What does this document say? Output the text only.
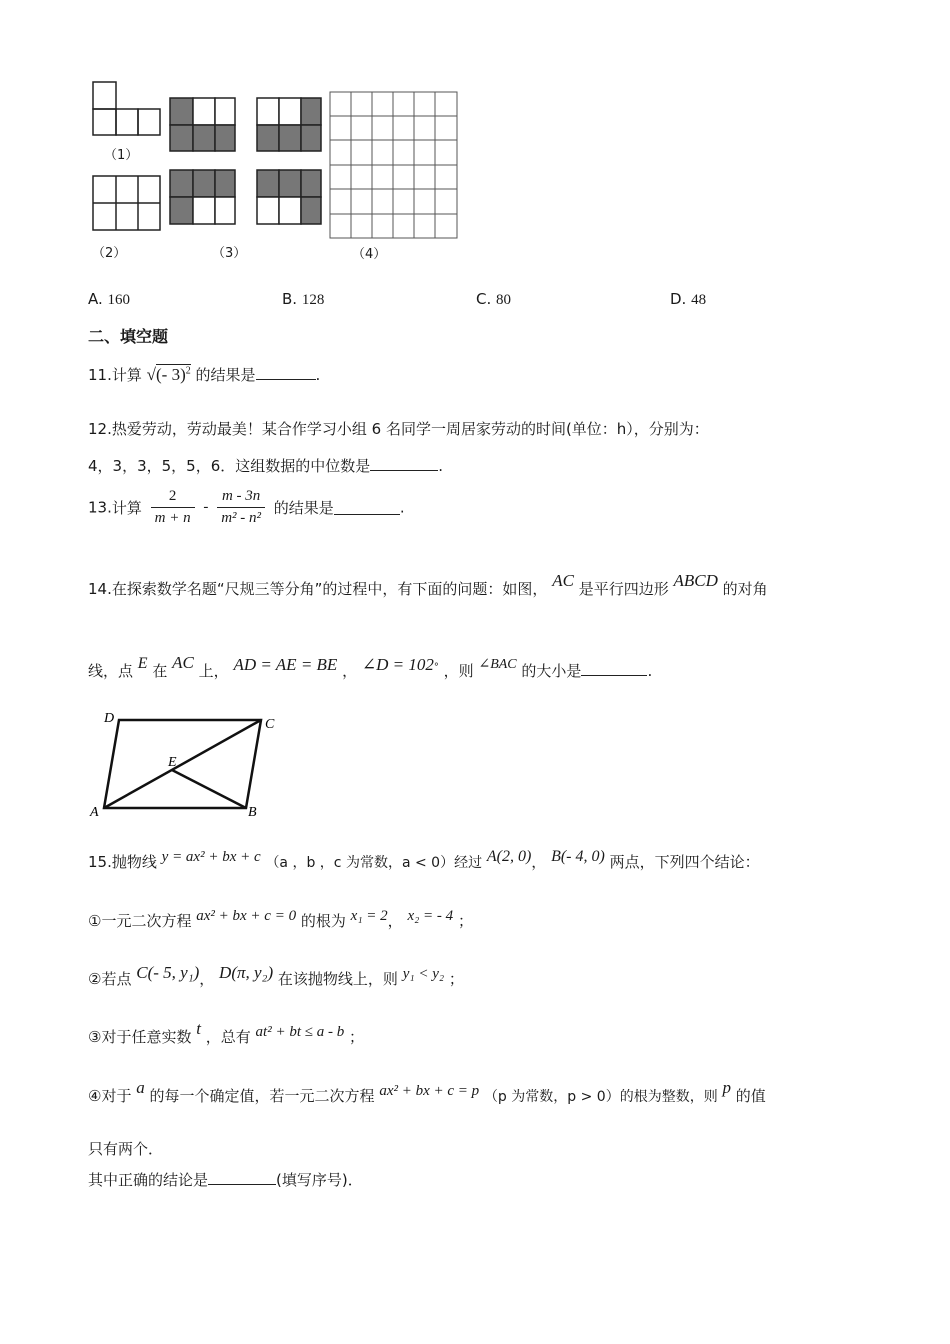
（1）
（2）	（3）	（4）
A. 160	B. 128	C. 80	D. 48
二、填空题
11.计算 √(- 3)$^2$ 的结果是	.
12.热爱劳动，劳动最美！某合作学习小组 6 名同学一周居家劳动的时间(单位：h），分别为：
4，3，3，5，5，6．这组数据的中位数是	.
13.计算 $\frac{2}{m + n} - \frac{m - 3n}{\text{m² - n²}}$ 的结果是	.
14.在探索数学名题“尺规三等分角”的过程中，有下面的问题：如图， AC 是平行四边形 ABCD 的对角
线，点 E 在 AC 上， AD = AE = BE ， ∠D = 102° ，则 ∠BAC 的大小是	.
D	C
E
A	B
15.抛物线 y = ax² + bx + c （a ，b ，c 为常数，a < 0）经过 A(2, 0)， B(- 4, 0) 两点，下列四个结论：
①一元二次方程 ax² + bx + c = 0 的根为 x₁ = 2， x₂ = - 4 ；
②若点 C(- 5, y₁)， D(π, y₂) 在该抛物线上，则 y₁ < y₂ ；
③对于任意实数 t ，总有 at² + bt ≤ a - b ；
④对于 a 的每一个确定值，若一元二次方程 ax² + bx + c = p （p 为常数，p > 0）的根为整数，则 p 的值
只有两个．
其中正确的结论是	(填写序号)．
